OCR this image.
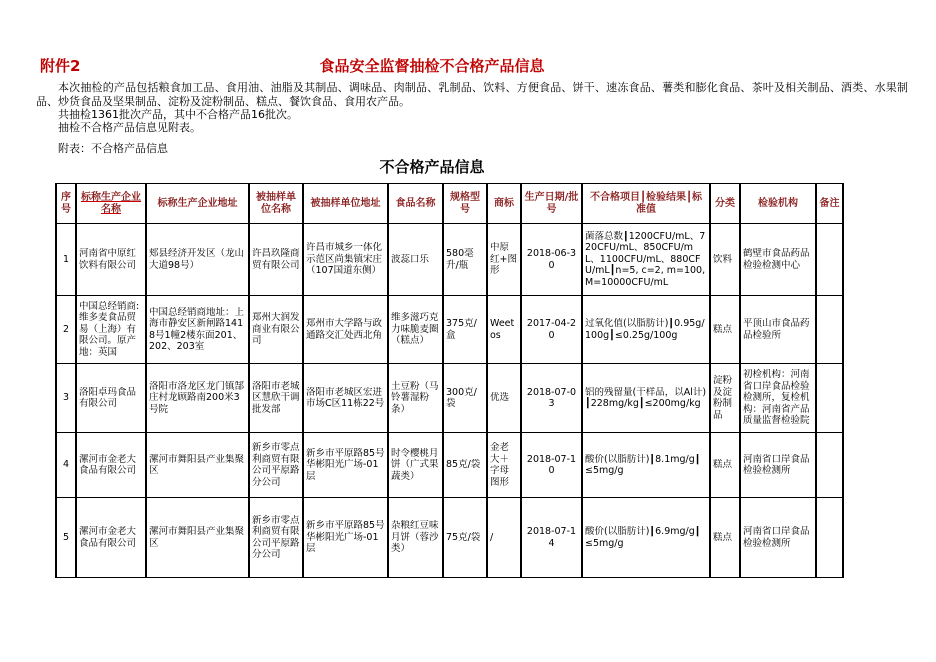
附件2	食品安全监督抽检不合格产品信息
本次抽检的产品包括粮食加工品、食用油、油脂及其制品、调味品、肉制品、乳制品、饮料、方便食品、饼干、速冻食品、薯类和膨化食品、茶叶及相关制品、酒类、水果制品、炒货食品及坚果制品、淀粉及淀粉制品、糕点、餐饮食品、食用农产品。
共抽检1361批次产品，其中不合格产品16批次。
抽检不合格产品信息见附表。
附表：不合格产品信息
不合格产品信息
序号	标称生产企业名称	标称生产企业地址	被抽样单位名称	被抽样单位地址	食品名称	规格型号	商标	生产日期/批号	不合格项目┃检验结果┃标准值	分类	检验机构	备注

1	河南省中原红饮料有限公司	郏县经济开发区（龙山大道98号）	许昌玖隆商贸有限公司	许昌市城乡一体化示范区尚集镇宋庄（107国道东侧）	波蕊口乐	580毫升/瓶	中原红+图形	2018-06-30	菌落总数┃1200CFU/mL、720CFU/mL、850CFU/mL、1100CFU/mL、880CFU/mL┃n=5, c=2, m=100, M=10000CFU/mL	饮料	鹤壁市食品药品检验检测中心	

2	中国总经销商:维多麦食品贸易（上海）有限公司。原产地：英国	中国总经销商地址：上海市静安区新闸路1418号1幢2楼东面201、202、203室	郑州大润发商业有限公司	郑州市大学路与政通路交汇处西北角	维多滋巧克力味脆麦圈（糕点）	375克/盒	Weetos	2017-04-20	过氧化值(以脂肪计)┃0.95g/100g┃≤0.25g/100g	糕点	平顶山市食品药品检验所	

3	洛阳卓玛食品有限公司	洛阳市洛龙区龙门镇郜庄村龙顾路南200米3号院	洛阳市老城区慧欣干调批发部	洛阳市老城区宏进市场C区11栋22号	土豆粉（马铃薯湿粉条）	300克/袋	优选	2018-07-03	铝的残留量(干样品，以Al计)┃228mg/kg┃≤200mg/kg	淀粉及淀粉制品	初检机构：河南省口岸食品检验检测所，复检机构：河南省产品质量监督检验院	

4	漯河市金老大食品有限公司	漯河市舞阳县产业集聚区	新乡市零点利商贸有限公司平原路分公司	新乡市平原路85号华彬阳光广场-01层	时令樱桃月饼（广式果蔬类）	85克/袋	金老大＋字母图形	2018-07-10	酸价(以脂肪计)┃8.1mg/g┃≤5mg/g	糕点	河南省口岸食品检验检测所	

5	漯河市金老大食品有限公司	漯河市舞阳县产业集聚区	新乡市零点利商贸有限公司平原路分公司	新乡市平原路85号华彬阳光广场-01层	杂粮红豆味月饼（蓉沙类）	75克/袋	/	2018-07-14	酸价(以脂肪计)┃6.9mg/g┃≤5mg/g	糕点	河南省口岸食品检验检测所	
